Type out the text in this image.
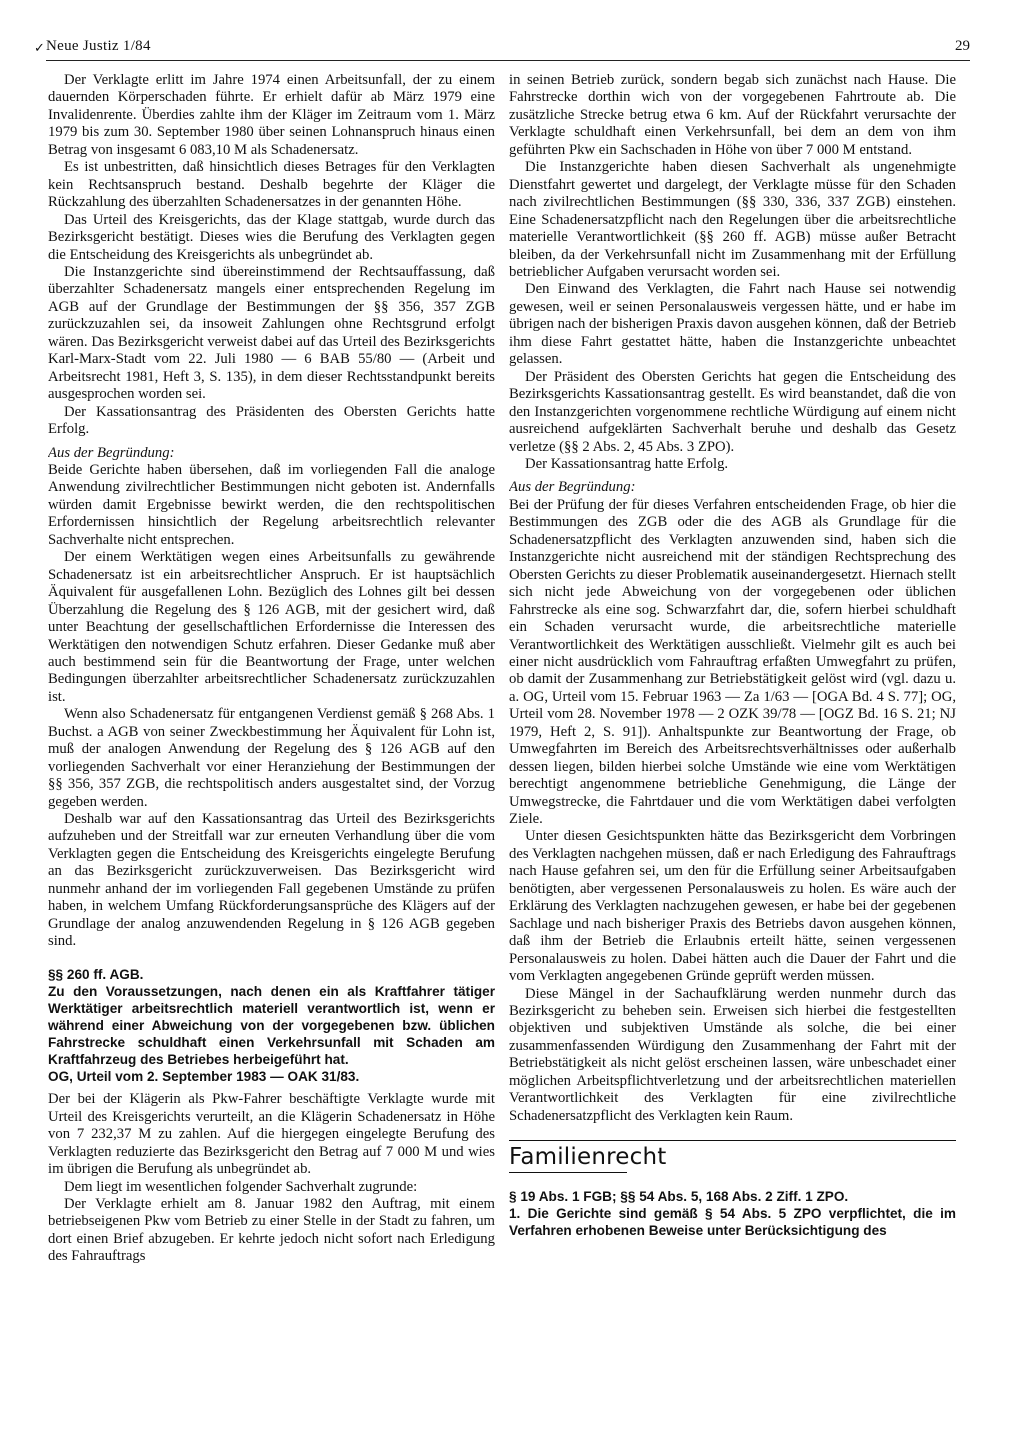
✓ Neue Justiz 1/84	29

Der Verklagte erlitt im Jahre 1974 einen Arbeitsunfall, der zu einem dauernden Körperschaden führte. Er erhielt dafür ab März 1979 eine Invalidenrente. Überdies zahlte ihm der Kläger im Zeitraum vom 1. März 1979 bis zum 30. September 1980 über seinen Lohnanspruch hinaus einen Betrag von insgesamt 6 083,10 M als Schadenersatz.

Es ist unbestritten, daß hinsichtlich dieses Betrages für den Verklagten kein Rechtsanspruch bestand. Deshalb begehrte der Kläger die Rückzahlung des überzahlten Schadenersatzes in der genannten Höhe.

Das Urteil des Kreisgerichts, das der Klage stattgab, wurde durch das Bezirksgericht bestätigt. Dieses wies die Berufung des Verklagten gegen die Entscheidung des Kreisgerichts als unbegründet ab.

Die Instanzgerichte sind übereinstimmend der Rechtsauffassung, daß überzahlter Schadenersatz mangels einer entsprechenden Regelung im AGB auf der Grundlage der Bestimmungen der §§ 356, 357 ZGB zurückzuzahlen sei, da insoweit Zahlungen ohne Rechtsgrund erfolgt wären. Das Bezirksgericht verweist dabei auf das Urteil des Bezirksgerichts Karl-Marx-Stadt vom 22. Juli 1980 — 6 BAB 55/80 — (Arbeit und Arbeitsrecht 1981, Heft 3, S. 135), in dem dieser Rechtsstandpunkt bereits ausgesprochen worden sei.

Der Kassationsantrag des Präsidenten des Obersten Gerichts hatte Erfolg.

Aus der Begründung:

Beide Gerichte haben übersehen, daß im vorliegenden Fall die analoge Anwendung zivilrechtlicher Bestimmungen nicht geboten ist. Andernfalls würden damit Ergebnisse bewirkt werden, die den rechtspolitischen Erfordernissen hinsichtlich der Regelung arbeitsrechtlich relevanter Sachverhalte nicht entsprechen.

Der einem Werktätigen wegen eines Arbeitsunfalls zu gewährende Schadenersatz ist ein arbeitsrechtlicher Anspruch. Er ist hauptsächlich Äquivalent für ausgefallenen Lohn. Bezüglich des Lohnes gilt bei dessen Überzahlung die Regelung des § 126 AGB, mit der gesichert wird, daß unter Beachtung der gesellschaftlichen Erfordernisse die Interessen des Werktätigen den notwendigen Schutz erfahren. Dieser Gedanke muß aber auch bestimmend sein für die Beantwortung der Frage, unter welchen Bedingungen überzahlter arbeitsrechtlicher Schadenersatz zurückzuzahlen ist.

Wenn also Schadenersatz für entgangenen Verdienst gemäß § 268 Abs. 1 Buchst. a AGB von seiner Zweckbestimmung her Äquivalent für Lohn ist, muß der analogen Anwendung der Regelung des § 126 AGB auf den vorliegenden Sachverhalt vor einer Heranziehung der Bestimmungen der §§ 356, 357 ZGB, die rechtspolitisch anders ausgestaltet sind, der Vorzug gegeben werden.

Deshalb war auf den Kassationsantrag das Urteil des Bezirksgerichts aufzuheben und der Streitfall war zur erneuten Verhandlung über die vom Verklagten gegen die Entscheidung des Kreisgerichts eingelegte Berufung an das Bezirksgericht zurückzuverweisen. Das Bezirksgericht wird nunmehr anhand der im vorliegenden Fall gegebenen Umstände zu prüfen haben, in welchem Umfang Rückforderungsansprüche des Klägers auf der Grundlage der analog anzuwendenden Regelung in § 126 AGB gegeben sind.

§§ 260 ff. AGB.

Zu den Voraussetzungen, nach denen ein als Kraftfahrer tätiger Werktätiger arbeitsrechtlich materiell verantwortlich ist, wenn er während einer Abweichung von der vorgegebenen bzw. üblichen Fahrstrecke schuldhaft einen Verkehrsunfall mit Schaden am Kraftfahrzeug des Betriebes herbeigeführt hat.

OG, Urteil vom 2. September 1983 — OAK 31/83.

Der bei der Klägerin als Pkw-Fahrer beschäftigte Verklagte wurde mit Urteil des Kreisgerichts verurteilt, an die Klägerin Schadenersatz in Höhe von 7 232,37 M zu zahlen. Auf die hiergegen eingelegte Berufung des Verklagten reduzierte das Bezirksgericht den Betrag auf 7 000 M und wies im übrigen die Berufung als unbegründet ab.

Dem liegt im wesentlichen folgender Sachverhalt zugrunde:

Der Verklagte erhielt am 8. Januar 1982 den Auftrag, mit einem betriebseigenen Pkw vom Betrieb zu einer Stelle in der Stadt zu fahren, um dort einen Brief abzugeben. Er kehrte jedoch nicht sofort nach Erledigung des Fahrauftrags

in seinen Betrieb zurück, sondern begab sich zunächst nach Hause. Die Fahrstrecke dorthin wich von der vorgegebenen Fahrtroute ab. Die zusätzliche Strecke betrug etwa 6 km. Auf der Rückfahrt verursachte der Verklagte schuldhaft einen Verkehrsunfall, bei dem an dem von ihm geführten Pkw ein Sachschaden in Höhe von über 7 000 M entstand.

Die Instanzgerichte haben diesen Sachverhalt als ungenehmigte Dienstfahrt gewertet und dargelegt, der Verklagte müsse für den Schaden nach zivilrechtlichen Bestimmungen (§§ 330, 336, 337 ZGB) einstehen. Eine Schadenersatzpflicht nach den Regelungen über die arbeitsrechtliche materielle Verantwortlichkeit (§§ 260 ff. AGB) müsse außer Betracht bleiben, da der Verkehrsunfall nicht im Zusammenhang mit der Erfüllung betrieblicher Aufgaben verursacht worden sei.

Den Einwand des Verklagten, die Fahrt nach Hause sei notwendig gewesen, weil er seinen Personalausweis vergessen hätte, und er habe im übrigen nach der bisherigen Praxis davon ausgehen können, daß der Betrieb ihm diese Fahrt gestattet hätte, haben die Instanzgerichte unbeachtet gelassen.

Der Präsident des Obersten Gerichts hat gegen die Entscheidung des Bezirksgerichts Kassationsantrag gestellt. Es wird beanstandet, daß die von den Instanzgerichten vorgenommene rechtliche Würdigung auf einem nicht ausreichend aufgeklärten Sachverhalt beruhe und deshalb das Gesetz verletze (§§ 2 Abs. 2, 45 Abs. 3 ZPO).

Der Kassationsantrag hatte Erfolg.

Aus der Begründung:

Bei der Prüfung der für dieses Verfahren entscheidenden Frage, ob hier die Bestimmungen des ZGB oder die des AGB als Grundlage für die Schadenersatzpflicht des Verklagten anzuwenden sind, haben sich die Instanzgerichte nicht ausreichend mit der ständigen Rechtsprechung des Obersten Gerichts zu dieser Problematik auseinandergesetzt. Hiernach stellt sich nicht jede Abweichung von der vorgegebenen oder üblichen Fahrstrecke als eine sog. Schwarzfahrt dar, die, sofern hierbei schuldhaft ein Schaden verursacht wurde, die arbeitsrechtliche materielle Verantwortlichkeit des Werktätigen ausschließt. Vielmehr gilt es auch bei einer nicht ausdrücklich vom Fahrauftrag erfaßten Umwegfahrt zu prüfen, ob damit der Zusammenhang zur Betriebstätigkeit gelöst wird (vgl. dazu u. a. OG, Urteil vom 15. Februar 1963 — Za 1/63 — [OGA Bd. 4 S. 77]; OG, Urteil vom 28. November 1978 — 2 OZK 39/78 — [OGZ Bd. 16 S. 21; NJ 1979, Heft 2, S. 91]). Anhaltspunkte zur Beantwortung der Frage, ob Umwegfahrten im Bereich des Arbeitsrechtsverhältnisses oder außerhalb dessen liegen, bilden hierbei solche Umstände wie eine vom Werktätigen berechtigt angenommene betriebliche Genehmigung, die Länge der Umwegstrecke, die Fahrtdauer und die vom Werktätigen dabei verfolgten Ziele.

Unter diesen Gesichtspunkten hätte das Bezirksgericht dem Vorbringen des Verklagten nachgehen müssen, daß er nach Erledigung des Fahrauftrags nach Hause gefahren sei, um den für die Erfüllung seiner Arbeitsaufgaben benötigten, aber vergessenen Personalausweis zu holen. Es wäre auch der Erklärung des Verklagten nachzugehen gewesen, er habe bei der gegebenen Sachlage und nach bisheriger Praxis des Betriebs davon ausgehen können, daß ihm der Betrieb die Erlaubnis erteilt hätte, seinen vergessenen Personalausweis zu holen. Dabei hätten auch die Dauer der Fahrt und die vom Verklagten angegebenen Gründe geprüft werden müssen.

Diese Mängel in der Sachaufklärung werden nunmehr durch das Bezirksgericht zu beheben sein. Erweisen sich hierbei die festgestellten objektiven und subjektiven Umstände als solche, die bei einer zusammenfassenden Würdigung den Zusammenhang der Fahrt mit der Betriebstätigkeit als nicht gelöst erscheinen lassen, wäre unbeschadet einer möglichen Arbeitspflichtverletzung und der arbeitsrechtlichen materiellen Verantwortlichkeit des Verklagten für eine zivilrechtliche Schadenersatzpflicht des Verklagten kein Raum.

Familienrecht

§ 19 Abs. 1 FGB; §§ 54 Abs. 5, 168 Abs. 2 Ziff. 1 ZPO.

1. Die Gerichte sind gemäß § 54 Abs. 5 ZPO verpflichtet, die im Verfahren erhobenen Beweise unter Berücksichtigung des
